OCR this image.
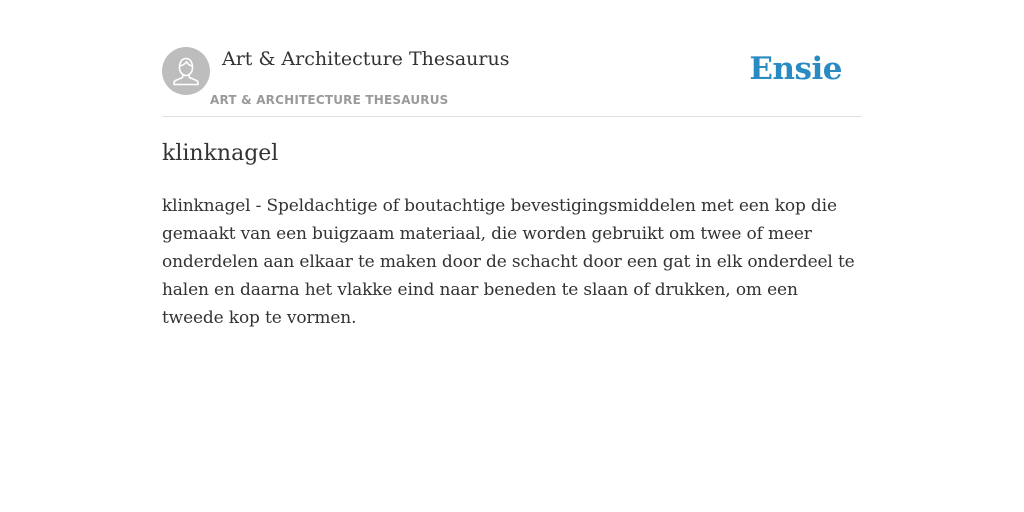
Art & Architecture Thesaurus
ART & ARCHITECTURE THESAURUS
Ensie
klinknagel

klinknagel - Speldachtige of boutachtige bevestigingsmiddelen met een kop die gemaakt van een buigzaam materiaal, die worden gebruikt om twee of meer onderdelen aan elkaar te maken door de schacht door een gat in elk onderdeel te halen en daarna het vlakke eind naar beneden te slaan of drukken, om een tweede kop te vormen.
